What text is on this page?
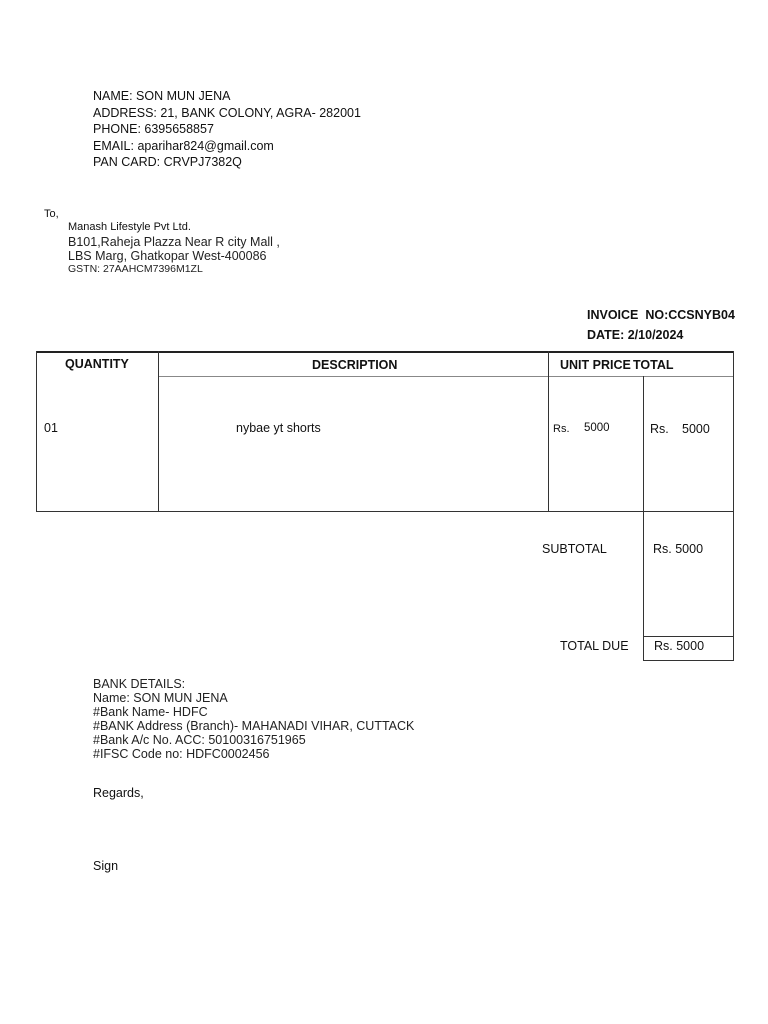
NAME: SON MUN JENA
ADDRESS: 21, BANK COLONY, AGRA- 282001
PHONE: 6395658857
EMAIL: aparihar824@gmail.com
PAN CARD: CRVPJ7382Q
To,
Manash Lifestyle Pvt Ltd.
B101,Raheja Plazza Near R city Mall ,
LBS Marg, Ghatkopar West-400086
GSTN: 27AAHCM7396M1ZL
INVOICE  NO:CCSNYB04
DATE: 2/10/2024
QUANTITY	DESCRIPTION	UNIT PRICE TOTAL
01	nybae yt shorts	Rs. 5000	Rs. 5000
SUBTOTAL	Rs. 5000
TOTAL DUE Rs. 5000
BANK DETAILS:
Name: SON MUN JENA
#Bank Name- HDFC
#BANK Address (Branch)- MAHANADI VIHAR, CUTTACK
#Bank A/c No. ACC: 50100316751965
#IFSC Code no: HDFC0002456
Regards,
Sign
